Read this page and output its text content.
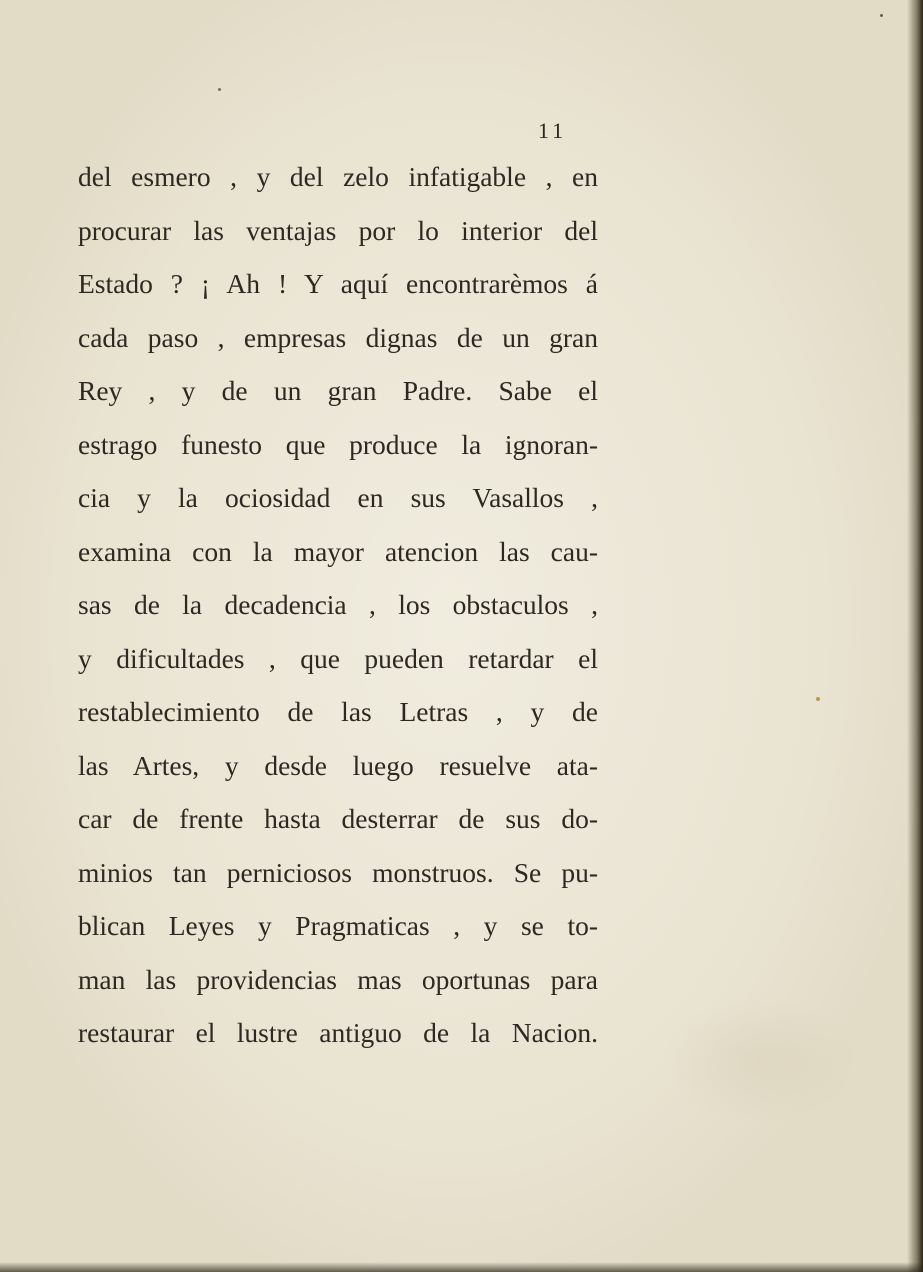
11
del esmero , y del zelo infatigable , en
procurar las ventajas por lo interior del
Estado ? ¡ Ah ! Y aquí encontrarèmos á
cada paso , empresas dignas de un gran
Rey , y de un gran Padre. Sabe el
estrago funesto que produce la ignoran-
cia y la ociosidad en sus Vasallos ,
examina con la mayor atencion las cau-
sas de la decadencia , los obstaculos ,
y dificultades , que pueden retardar el
restablecimiento de las Letras , y de
las Artes, y desde luego resuelve ata-
car de frente hasta desterrar de sus do-
minios tan perniciosos monstruos. Se pu-
blican Leyes y Pragmaticas , y se to-
man las providencias mas oportunas para
restaurar el lustre antiguo de la Nacion.
